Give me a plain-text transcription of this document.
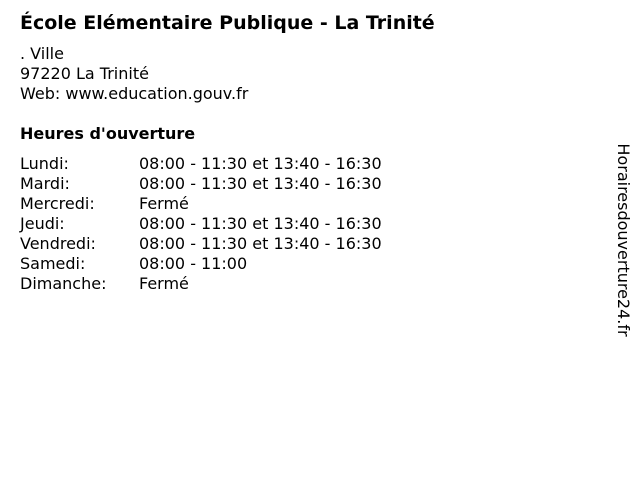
École Elémentaire Publique - La Trinité
. Ville
97220 La Trinité
Web: www.education.gouv.fr
Heures d'ouverture
Lundi:	08:00 - 11:30 et 13:40 - 16:30
Mardi:	08:00 - 11:30 et 13:40 - 16:30
Mercredi:	Fermé
Jeudi:	08:00 - 11:30 et 13:40 - 16:30
Vendredi:	08:00 - 11:30 et 13:40 - 16:30
Samedi:	08:00 - 11:00
Dimanche:	Fermé	Horairesdouverture24.fr
